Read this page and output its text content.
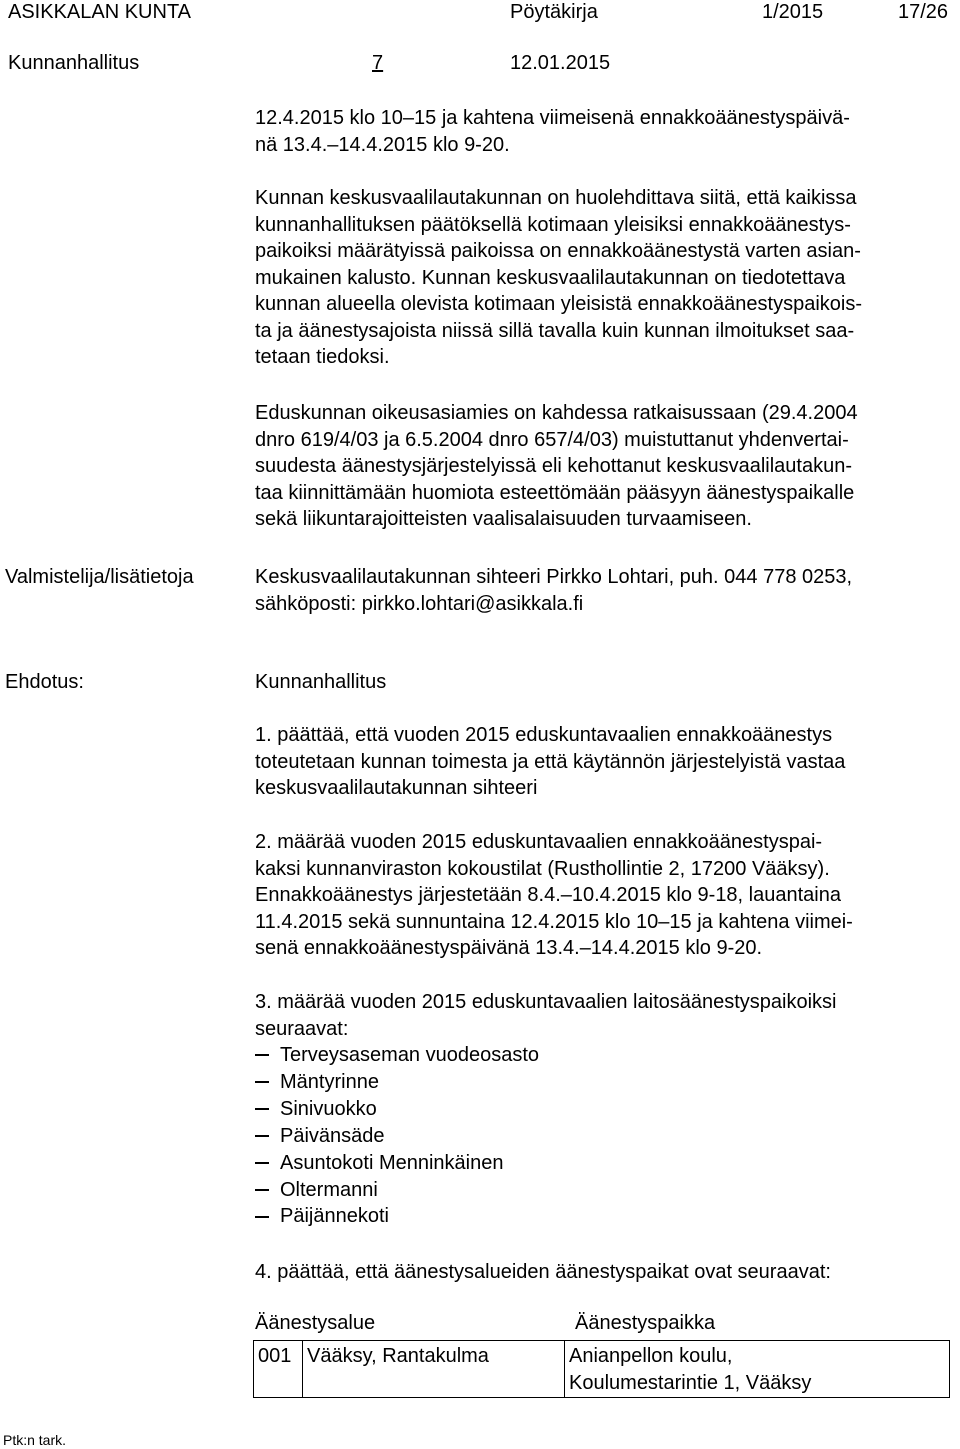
ASIKKALAN KUNTA	Pöytäkirja	1/2015	17/26
Kunnanhallitus	7	12.01.2015
12.4.2015 klo 10–15 ja kahtena viimeisenä ennakkoäänestyspäivä-
nä 13.4.–14.4.2015 klo 9-20.
Kunnan keskusvaalilautakunnan on huolehdittava siitä, että kaikissa
kunnanhallituksen päätöksellä kotimaan yleisiksi ennakkoäänestys-
paikoiksi määrätyissä paikoissa on ennakkoäänestystä varten asian-
mukainen kalusto. Kunnan keskusvaalilautakunnan on tiedotettava
kunnan alueella olevista kotimaan yleisistä ennakkoäänestyspaikois-
ta ja äänestysajoista niissä sillä tavalla kuin kunnan ilmoitukset saa-
tetaan tiedoksi.
Eduskunnan oikeusasiamies on kahdessa ratkaisussaan (29.4.2004
dnro 619/4/03 ja 6.5.2004 dnro 657/4/03) muistuttanut yhdenvertai-
suudesta äänestysjärjestelyissä eli kehottanut keskusvaalilautakun-
taa kiinnittämään huomiota esteettömään pääsyyn äänestyspaikalle
sekä liikuntarajoitteisten vaalisalaisuuden turvaamiseen.
Valmistelija/lisätietoja	Keskusvaalilautakunnan sihteeri Pirkko Lohtari, puh. 044 778 0253,
sähköposti: pirkko.lohtari@asikkala.fi
Ehdotus:	Kunnanhallitus
1. päättää, että vuoden 2015 eduskuntavaalien ennakkoäänestys
toteutetaan kunnan toimesta ja että käytännön järjestelyistä vastaa
keskusvaalilautakunnan sihteeri
2. määrää vuoden 2015 eduskuntavaalien ennakkoäänestyspai-
kaksi kunnanviraston kokoustilat (Rusthollintie 2, 17200 Vääksy).
Ennakkoäänestys järjestetään 8.4.–10.4.2015 klo 9-18, lauantaina
11.4.2015 sekä sunnuntaina 12.4.2015 klo 10–15 ja kahtena viimei-
senä ennakkoäänestyspäivänä 13.4.–14.4.2015 klo 9-20.
3. määrää vuoden 2015 eduskuntavaalien laitosäänestyspaikoiksi
seuraavat:
Terveysaseman vuodeosasto
Mäntyrinne
Sinivuokko
Päivänsäde
Asuntokoti Menninkäinen
Oltermanni
Päijännekoti
4. päättää, että äänestysalueiden äänestyspaikat ovat seuraavat:
Äänestysalue	Äänestyspaikka
001	Vääksy, Rantakulma	Anianpellon koulu,
Koulumestarintie 1, Vääksy
Ptk:n tark.
